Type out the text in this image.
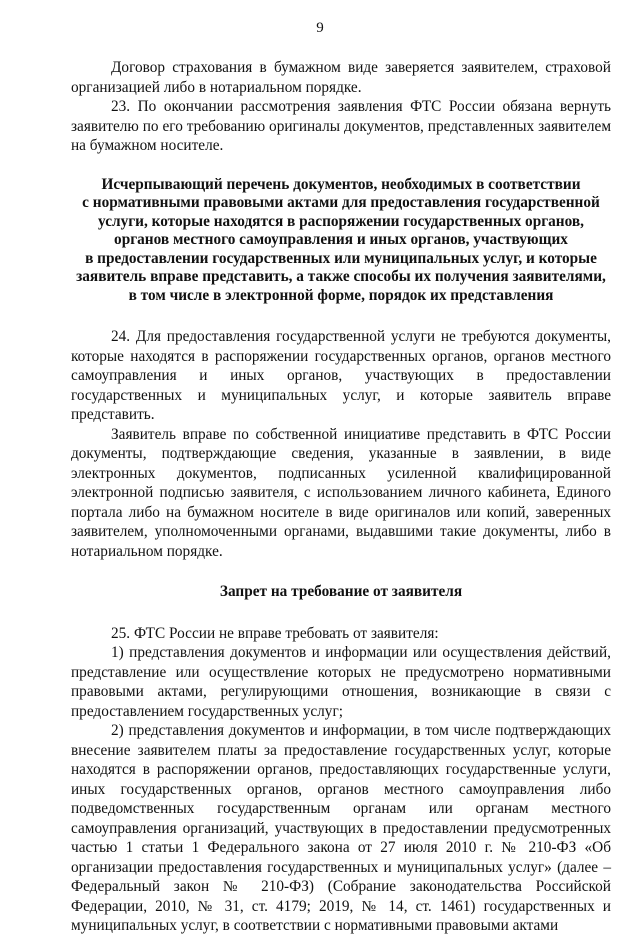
9

Договор страхования в бумажном виде заверяется заявителем, страховой организацией либо в нотариальном порядке.

23. По окончании рассмотрения заявления ФТС России обязана вернуть заявителю по его требованию оригиналы документов, представленных заявителем на бумажном носителе.

Исчерпывающий перечень документов, необходимых в соответствии

с нормативными правовыми актами для предоставления государственной

услуги, которые находятся в распоряжении государственных органов,

органов местного самоуправления и иных органов, участвующих

в предоставлении государственных или муниципальных услуг, и которые

заявитель вправе представить, а также способы их получения заявителями,

в том числе в электронной форме, порядок их представления

24. Для предоставления государственной услуги не требуются документы, которые находятся в распоряжении государственных органов, органов местного самоуправления и иных органов, участвующих в предоставлении государственных и муниципальных услуг, и которые заявитель вправе представить.

Заявитель вправе по собственной инициативе представить в ФТС России документы, подтверждающие сведения, указанные в заявлении, в виде электронных документов, подписанных усиленной квалифицированной электронной подписью заявителя, с использованием личного кабинета, Единого портала либо на бумажном носителе в виде оригиналов или копий, заверенных заявителем, уполномоченными органами, выдавшими такие документы, либо в нотариальном порядке.

Запрет на требование от заявителя

25. ФТС России не вправе требовать от заявителя:

1) представления документов и информации или осуществления действий, представление или осуществление которых не предусмотрено нормативными правовыми актами, регулирующими отношения, возникающие в связи с предоставлением государственных услуг;

2) представления документов и информации, в том числе подтверждающих внесение заявителем платы за предоставление государственных услуг, которые находятся в распоряжении органов, предоставляющих государственные услуги, иных государственных органов, органов местного самоуправления либо подведомственных государственным органам или органам местного самоуправления организаций, участвующих в предоставлении предусмотренных частью 1 статьи 1 Федерального закона от 27 июля 2010 г. № 210-ФЗ «Об организации предоставления государственных и муниципальных услуг» (далее – Федеральный закон № 210-ФЗ) (Собрание законодательства Российской Федерации, 2010, № 31, ст. 4179; 2019, № 14, ст. 1461) государственных и муниципальных услуг, в соответствии с нормативными правовыми актами
